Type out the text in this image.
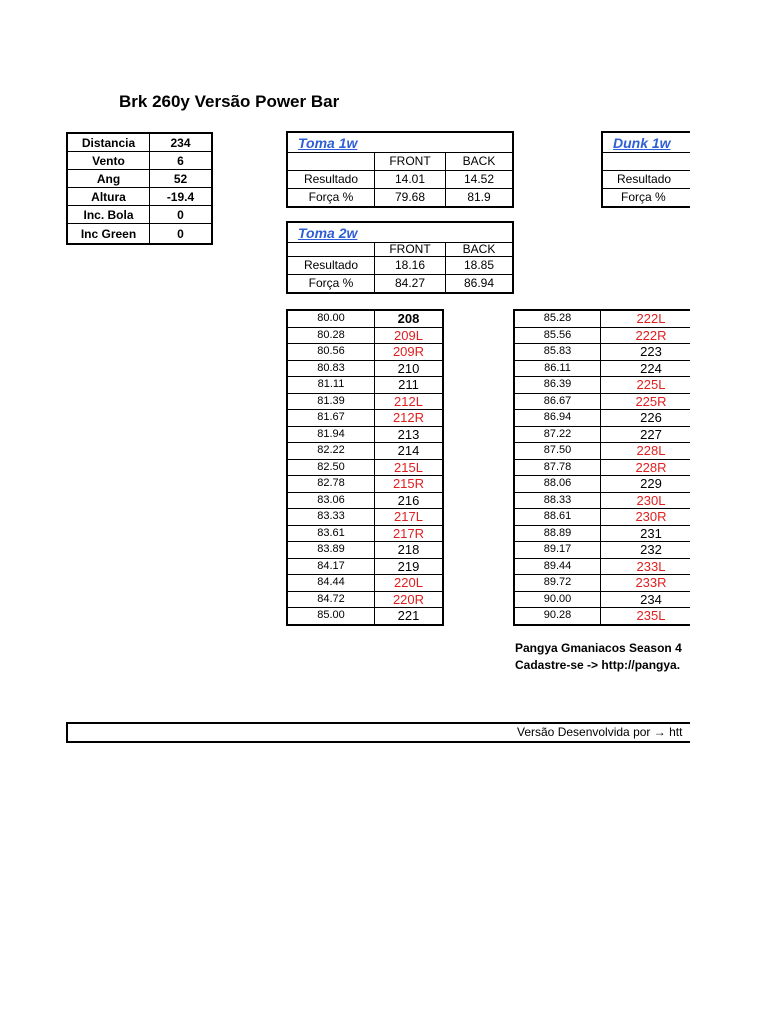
Brk 260y Versão Power Bar
Distancia	234
Vento	6
Ang	52
Altura	-19.4
Inc. Bola	0
Inc Green	0
Toma 1w		
	FRONT	BACK
Resultado	14.01	14.52
Força %	79.68	81.9
Toma 2w		
	FRONT	BACK
Resultado	18.16	18.85
Força %	84.27	86.94
Dunk 1w

Resultado
Força %
80.00	208
80.28	209L
80.56	209R
80.83	210
81.11	211
81.39	212L
81.67	212R
81.94	213
82.22	214
82.50	215L
82.78	215R
83.06	216
83.33	217L
83.61	217R
83.89	218
84.17	219
84.44	220L
84.72	220R
85.00	221
85.28	222L
85.56	222R
85.83	223
86.11	224
86.39	225L
86.67	225R
86.94	226
87.22	227
87.50	228L
87.78	228R
88.06	229
88.33	230L
88.61	230R
88.89	231
89.17	232
89.44	233L
89.72	233R
90.00	234
90.28	235L
Pangya Gmaniacos Season 4
Cadastre-se -> http://pangya.
Versão Desenvolvida por → htt
